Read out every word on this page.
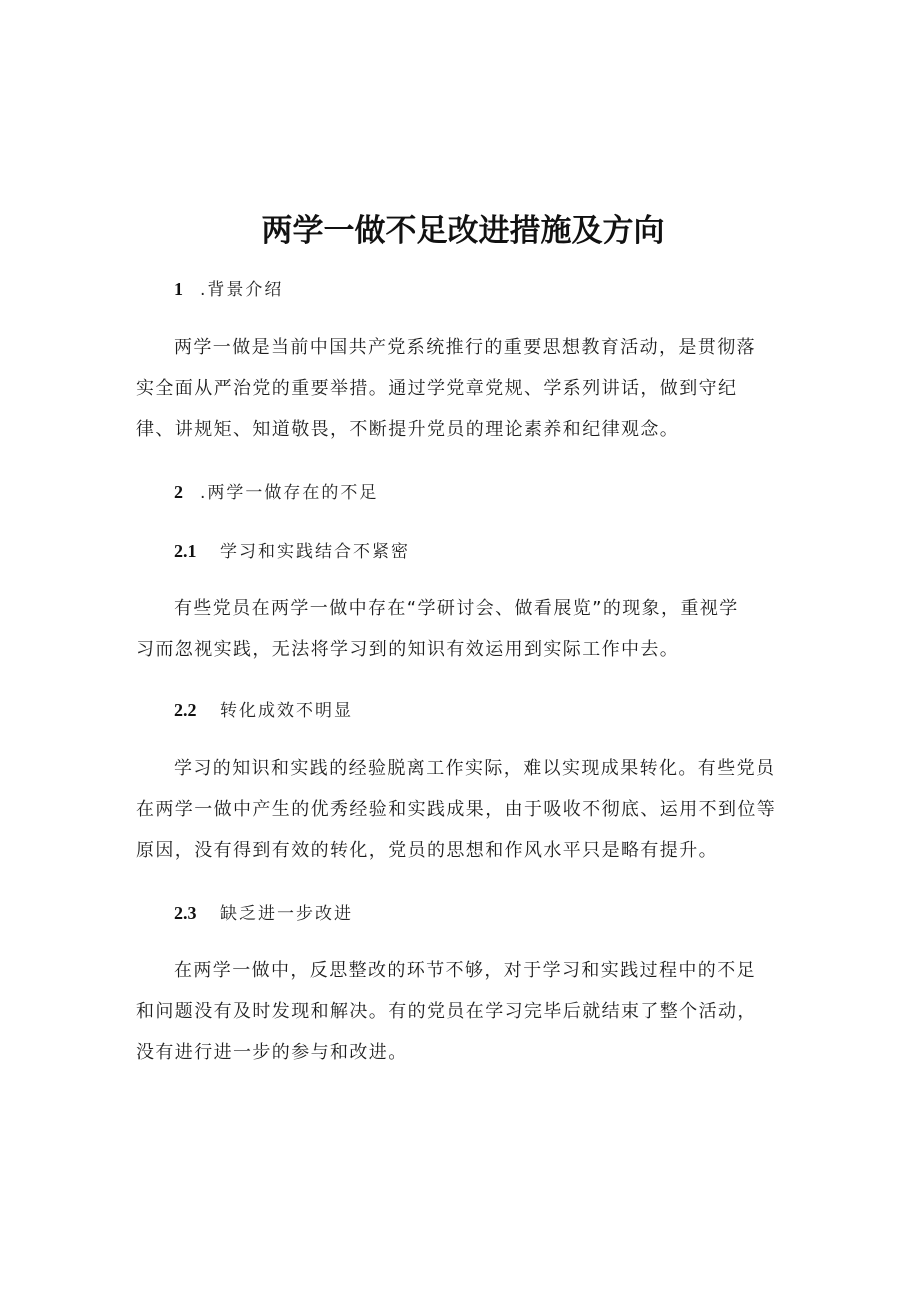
两学一做不足改进措施及方向
1 .背景介绍
两学一做是当前中国共产党系统推行的重要思想教育活动，是贯彻落
实全面从严治党的重要举措。通过学党章党规、学系列讲话，做到守纪
律、讲规矩、知道敬畏，不断提升党员的理论素养和纪律观念。
2 .两学一做存在的不足
2.1 学习和实践结合不紧密
有些党员在两学一做中存在“学研讨会、做看展览”的现象，重视学
习而忽视实践，无法将学习到的知识有效运用到实际工作中去。
2.2 转化成效不明显
学习的知识和实践的经验脱离工作实际，难以实现成果转化。有些党员
在两学一做中产生的优秀经验和实践成果，由于吸收不彻底、运用不到位等
原因，没有得到有效的转化，党员的思想和作风水平只是略有提升。
2.3 缺乏进一步改进
在两学一做中，反思整改的环节不够，对于学习和实践过程中的不足
和问题没有及时发现和解决。有的党员在学习完毕后就结束了整个活动，
没有进行进一步的参与和改进。
